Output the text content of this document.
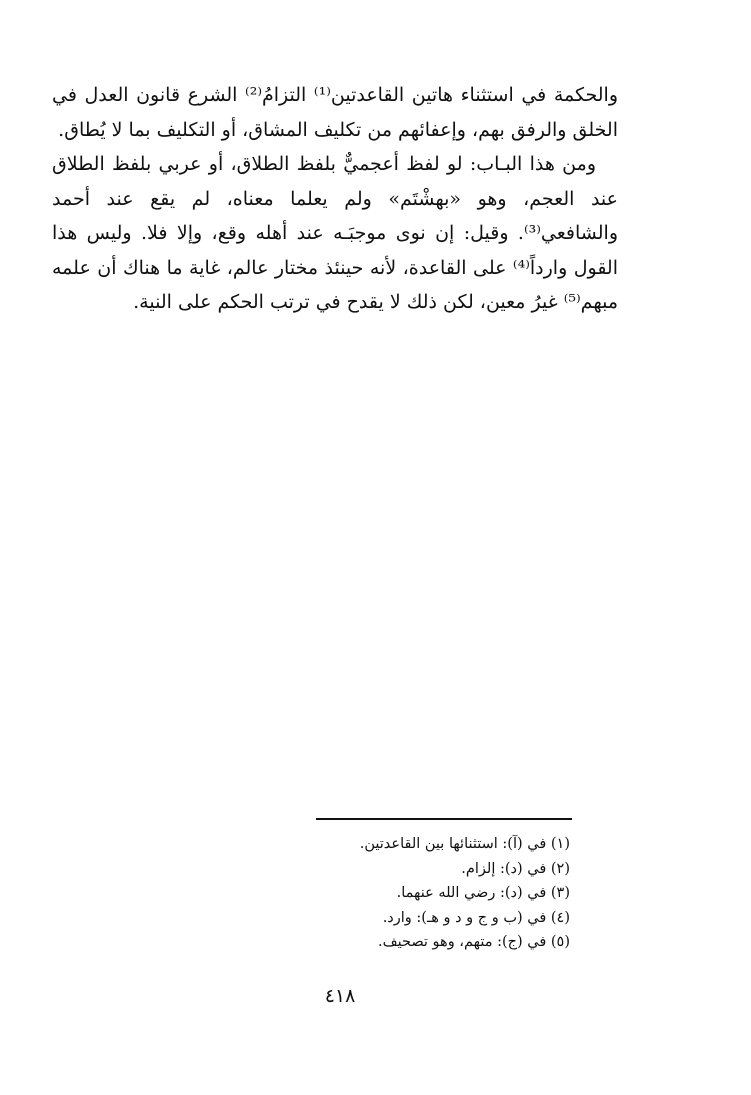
والحكمة في استثناء هاتين القاعدتين⁽¹⁾ التزامُ⁽²⁾ الشرع قانون العدل في الخلق والرفق بهم، وإعفائهم من تكليف المشاق، أو التكليف بما لا يُطاق.

ومن هذا البـاب: لو لفظ أعجميٌّ بلفظ الطلاق، أو عربي بلفظ الطلاق عند العجم، وهو «بهشْتَم» ولم يعلما معناه، لم يقع عند أحمد والشافعي⁽³⁾. وقيل: إن نوى موجبَـه عند أهله وقع، وإلا فلا. وليس هذا القول وارداً⁽⁴⁾ على القاعدة، لأنه حينئذ مختار عالم، غاية ما هناك أن علمه مبهم⁽⁵⁾ غيرُ معين، لكن ذلك لا يقدح في ترتب الحكم على النية.

(١) في (آ): استثنائها بين القاعدتين.
(٢) في (د): إلزام.
(٣) في (د): رضي الله عنهما.
(٤) في (ب و ج و د و هـ): وارد.
(٥) في (ج): متهم، وهو تصحيف.
٤١٨
